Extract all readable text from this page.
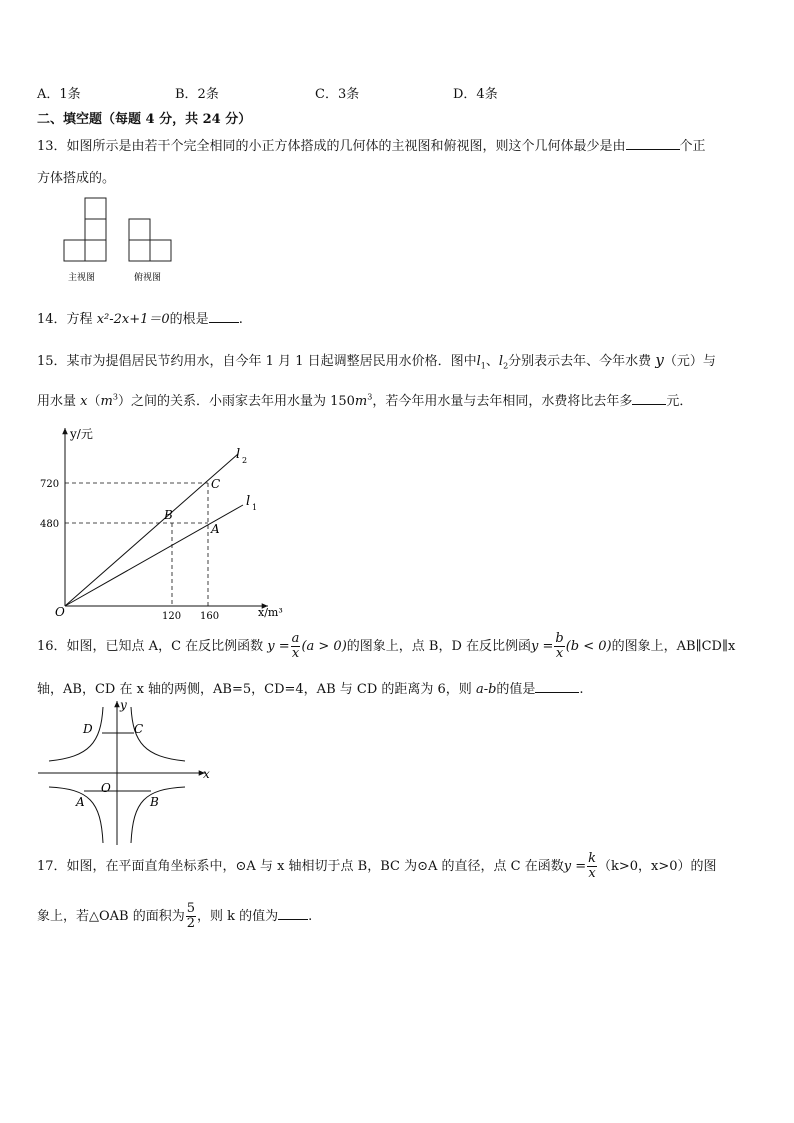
A．1条	B．2条	C．3条	D．4条
二、填空题（每题 4 分，共 24 分）
13．如图所示是由若干个完全相同的小正方体搭成的几何体的主视图和俯视图，则这个几何体最少是由	个正
方体搭成的。
主视图	俯视图
14．方程 x²-2x+1＝0的根是 .
15．某市为提倡居民节约用水，自今年 1 月 1 日起调整居民用水价格．图中$l_1$、$l_2$分别表示去年、今年水费 y（元）与
用水量 $x(m^3)$之间的关系．小雨家去年用水量为 $150m^3$，若今年用水量与去年相同，水费将比去年多	元．
y/元
x/m³
O
720
480
120 160
B
C
A
l 2
l 1
16．如图，已知点 A，C 在反比例函数 $y = \frac{a}{x} (a > 0)$的图象上，点 B，D 在反比例函$y = \frac{b}{x} (b < 0)$的图象上，AB∥CD∥x
轴，AB，CD 在 x 轴的两侧，AB=5，CD=4，AB 与 CD 的距离为 6，则 a-b的值是	.
y
x
O
D	C
A	B
17．如图，在平面直角坐标系中，⊙A 与 x 轴相切于点 B，BC 为⊙A 的直径，点 C 在函数$y = \frac{k}{x} (k>0$，x>0）的图
象上，若△OAB 的面积为 $\frac{5}{2}$ ，则 k 的值为 .
